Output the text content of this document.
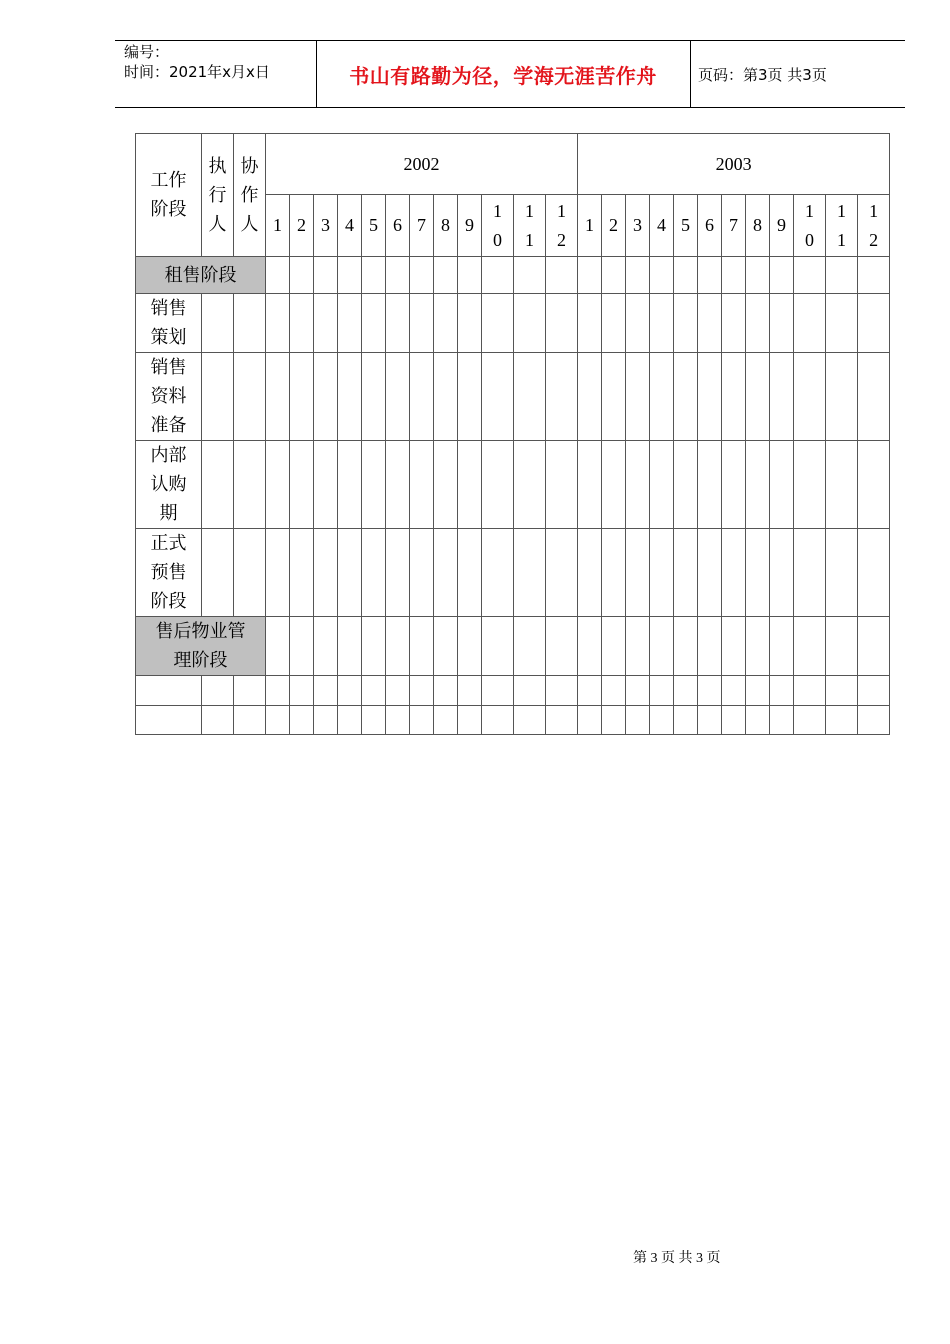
编号：
时间：2021年x月x日	书山有路勤为径，学海无涯苦作舟	页码：第3页 共3页
工作阶段	执行人	协作人	2002												2003											
			1	2	3	4	5	6	7	8	9	10	11	12	1	2	3	4	5	6	7	8	9	10	11	12
租售阶段																										
销售策划																										
销售资料准备																										
内部认购期																										
正式预售阶段																										
售后物业管理阶段																										

第 3 页 共 3 页
